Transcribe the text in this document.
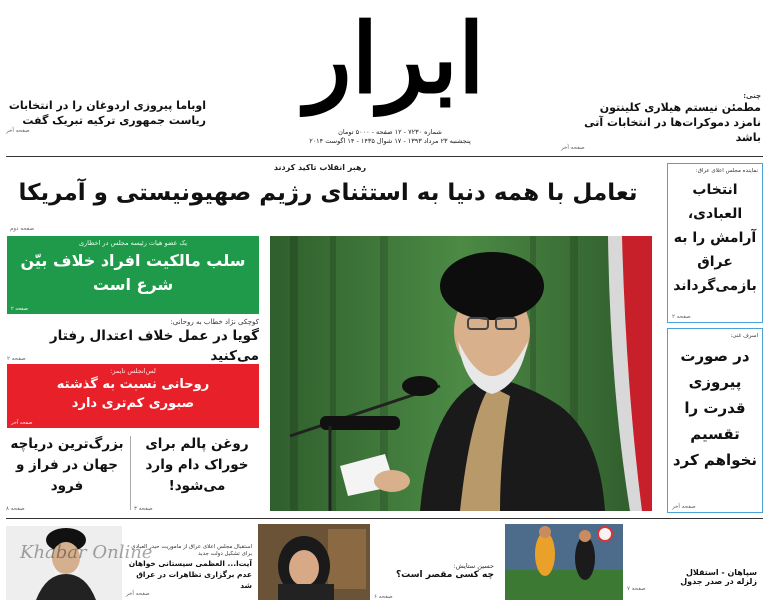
ابرار
شماره ۷۲۳۰ - ۱۲ صفحه - ۵۰۰۰ تومان
پنجشنبه ۲۳ مرداد ۱۳۹۳ - ۱۷ شوال ۱۴۳۵ - ۱۴ اگوست ۲۰۱۴
چنی:
مطمئن نیستم هیلاری کلینتون
نامزد دموکرات‌ها در انتخابات آتی باشد
صفحه آخر
اوباما پیروزی اردوغان را در انتخابات
ریاست جمهوری ترکیه تبریک گفت
صفحه آخر
رهبر انقلاب تاکید کردند
تعامل با همه دنیا به استثنای رژیم صهیونیستی و آمریکا
صفحه دوم
نماینده مجلس اعلای عراق:
انتخاب العبادی، آرامش را به عراق بازمی‌گرداند
صفحه ۲
اسرف غنی:
در صورت پیروزی قدرت را تقسیم نخواهم کرد
صفحه آخر
یک عضو هیات رئیسه مجلس در اخطاری
سلب مالکیت افراد خلاف بیّن شرع است
صفحه ۲
کوچکی نژاد خطاب به روحانی:
گویا در عمل خلاف اعتدال رفتار می‌کنید
صفحه ۲
لس‌انجلس تایمز:
روحانی نسبت به گذشته
صبوری کم‌تری دارد
صفحه آخر
روغن پالم برای خوراک دام وارد می‌شود!
صفحه ۳
بزرگ‌ترین دریاچه جهان در فراز و فرود
صفحه ۸
سپاهان - استقلال
زلزله در صدر جدول
صفحه ۷
حسین ستایش:
چه کسی مقصر است؟
صفحه ۶
Khabar Online
استقبال مجلس اعلای عراق از ماموریت حیدر العبادی برای تشکیل دولت جدید
آیت‌ا... العظمی سیستانی خواهان
عدم برگزاری تظاهرات در عراق شد
صفحه آخر
